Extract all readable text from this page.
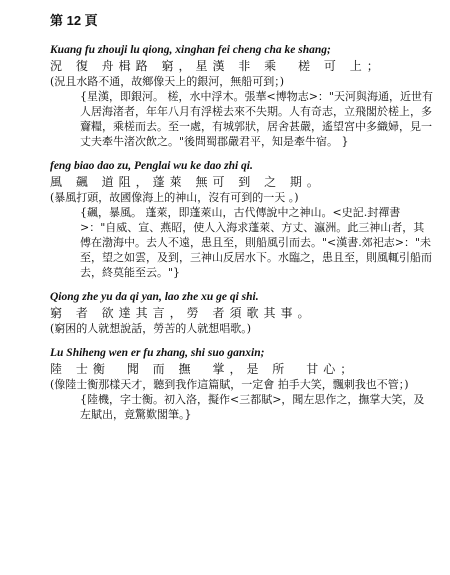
第 12 頁
Kuang fu zhouji lu qiong, xinghan fei cheng cha ke shang;
況 復 舟楫路 窮，星漢 非 乘　槎 可 上；
(況且水路不通，故鄉像天上的銀河，無船可到；)
{星漢，即銀河。 槎，水中浮木。張華<博物志>："天河與海通，近世有人居海渚者，年年八月有浮槎去來不失期。人有奇志，立飛閣於槎上，多齎糧，乘槎而去。至一處，有城郭狀，居舍甚嚴，遙望宮中多織婦，見一丈夫牽牛渚次飲之。"後問蜀郡嚴君平，知是牽牛宿。 }
feng biao dao zu, Penglai wu ke dao zhi qi.
風 飆 道阻，蓬萊 無可 到 之 期。
(暴風打頭，故國像海上的神山，沒有可到的一天 。)
{飆，暴風。 蓬萊，即蓬萊山，古代傳說中之神山。<史記.封禪書>："自威、宣、燕昭，使人入海求蓬萊、方丈、瀛洲。此三神山者，其傅在渤海中。去人不遠，患且至，則船風引而去。"<漢書.郊祀志>："未至，望之如雲，及到，三神山反居水下。水臨之，患且至，則風輒引船而去，終莫能至云。"}
Qiong zhe yu da qi yan, lao zhe xu ge qi shi.
窮 者 欲達其言，勞 者須歌其事。
(窮困的人就想說話，勞苦的人就想唱歌。)
Lu Shiheng wen er fu zhang, shi suo ganxin;
陸 士衡　聞 而 撫　掌，是 所　甘心；
(像陸士衡那樣天才，聽到我作這篇賦，一定會 拍手大笑，飄刺我也不管；)
{陸機，字士衡。初入洛，擬作<三都賦>，聞左思作之，撫掌大笑，及左賦出，竟驚歎閣筆。}
